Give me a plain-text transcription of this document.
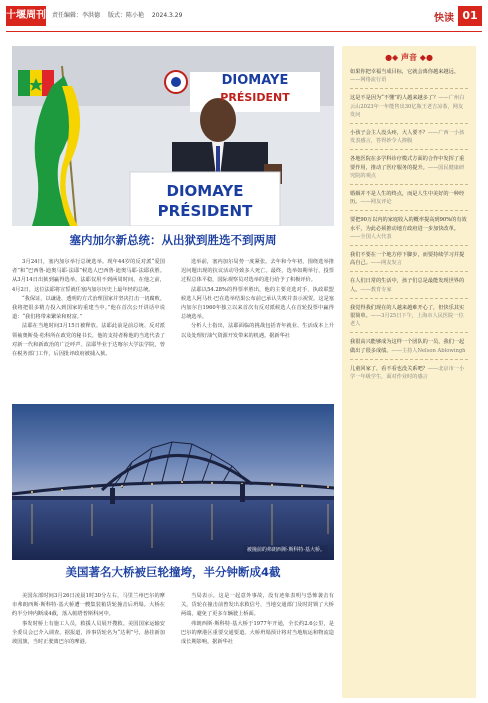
十堰周刊 责任编辑：李洪德 版式：陈小艳 2024.3.29	快读 01
DIOMAYE
PRÉSIDENT
DIOMAYE
PRÉSIDENT
塞内加尔新总统：从出狱到胜选不到两周

3月24日，塞内加尔举行总统选举。现年44岁的反对派“爱国者”和“巴西鲁·迪奥马耶·法耶”候选人巴西鲁·迪奥马耶·法耶获胜。从3月14日出狱到赢得选举，法耶仅用不到两周时间。在他之前，4月2日，这位法耶将宣誓就任塞内加尔历史上最年轻的总统。

“我保证，以谦逊、透明的方式治理国家并坚决打击一切腐败。我将把很多精力投入到国家的重建当中。”他在首次公开讲话中说道：“我们将带来繁荣和财富。”

法耶在当地时间3月15日被释放。法耶此前是前总统、反对派领袖奥斯曼·松科所在政党的秘书长，他的支持者称他的当选代表了对新一代和新政治的广泛呼声。法耶毕业于达喀尔大学法学院，曾在税务部门工作，后因批评政府被捕入狱。

选举前，塞内加尔局势一度紧张。去年和今年初，围绕选举推迟问题出现的抗议活动导致多人死亡。最终，选举如期举行，投票过程总体平稳，国际观察员对选举的进行给予了积极评价。

法耶以54.28%的得票率胜出，他的主要竞选对手、执政联盟候选人阿马杜·巴在选举结果公布前已承认失败并表示祝贺。这是塞内加尔自1960年独立以来首次有反对派候选人在首轮投票中赢得总统选举。

分析人士指出，法耶面临的挑战包括青年就业、生活成本上升以及处理好油气资源开发带来的机遇。据新华社

被撞前的弗朗西斯·斯科特·基大桥。
美国著名大桥被巨轮撞垮，半分钟断成4截

美国东部时间3月26日凌晨1时30分左右，马里兰州巴尔的摩市弗朗西斯·斯科特·基大桥遭一艘集装箱货轮撞击后坍塌。大桥在约半分钟内断成4截，落入帕塔普斯科河中。

事发时桥上有施工人员，救援人员展开搜救。美国国家运输安全委员会已介入调查。据报道，涉事货轮名为“达利”号，悬挂新加坡国旗，当时正驶离巴尔的摩港。

当局表示，这是一起意外事故，没有迹象表明与恐怖袭击有关。货轮在撞击前曾发出求救信号，当地交通部门及时封锁了大桥两端，避免了更多车辆驶上桥面。

弗朗西斯·斯科特·基大桥于1977年开通，全长约2.6公里，是巴尔的摩港区重要交通要道。大桥坍塌预计将对当地航运和物流造成长期影响。据新华社

●◆ 声音 ◆●
如果你把幸福当成目标，它就会离你越来越远。——网络流行语
这是不是因为“不懂”的人越来越多了？——广州白云山2023年一年能售出30亿瓶王老吉凉茶，网友发问
小孩子会主人没头疼，大人要不？——广西一小孩发表感言，答得妙令人捧腹
各地医院在多学科诊疗模式方面的合作中发挥了重要作用，推动了医疗服务的提升。——国民健康研究院的观点
婚姻并不是人生的终点，而是人生中美好的一种经历。——网友评论
要把90万以内的家庭收入的概率提高到90%的有效水平，为此必须推动地方政府进一步加快改革。——全国人大代表
我们不要在一个地方停下脚步，而要持续学习并提高自己。——网友发言
在人们日常的生活中，孩子们总是最能发现世界的人。——教育专家
我觉得我们现在的人越来越难开心了，但快乐其实很简单。——3月25日下午，上海市人民医院一位老人
我很高兴能够成为这样一个团队的一员，我们一起做出了很多成绩。——主持人Nelson Ablowingh
儿童回家了，看不看也没关系吧？——北京市一小学一年级学生，面对作业时的感言
